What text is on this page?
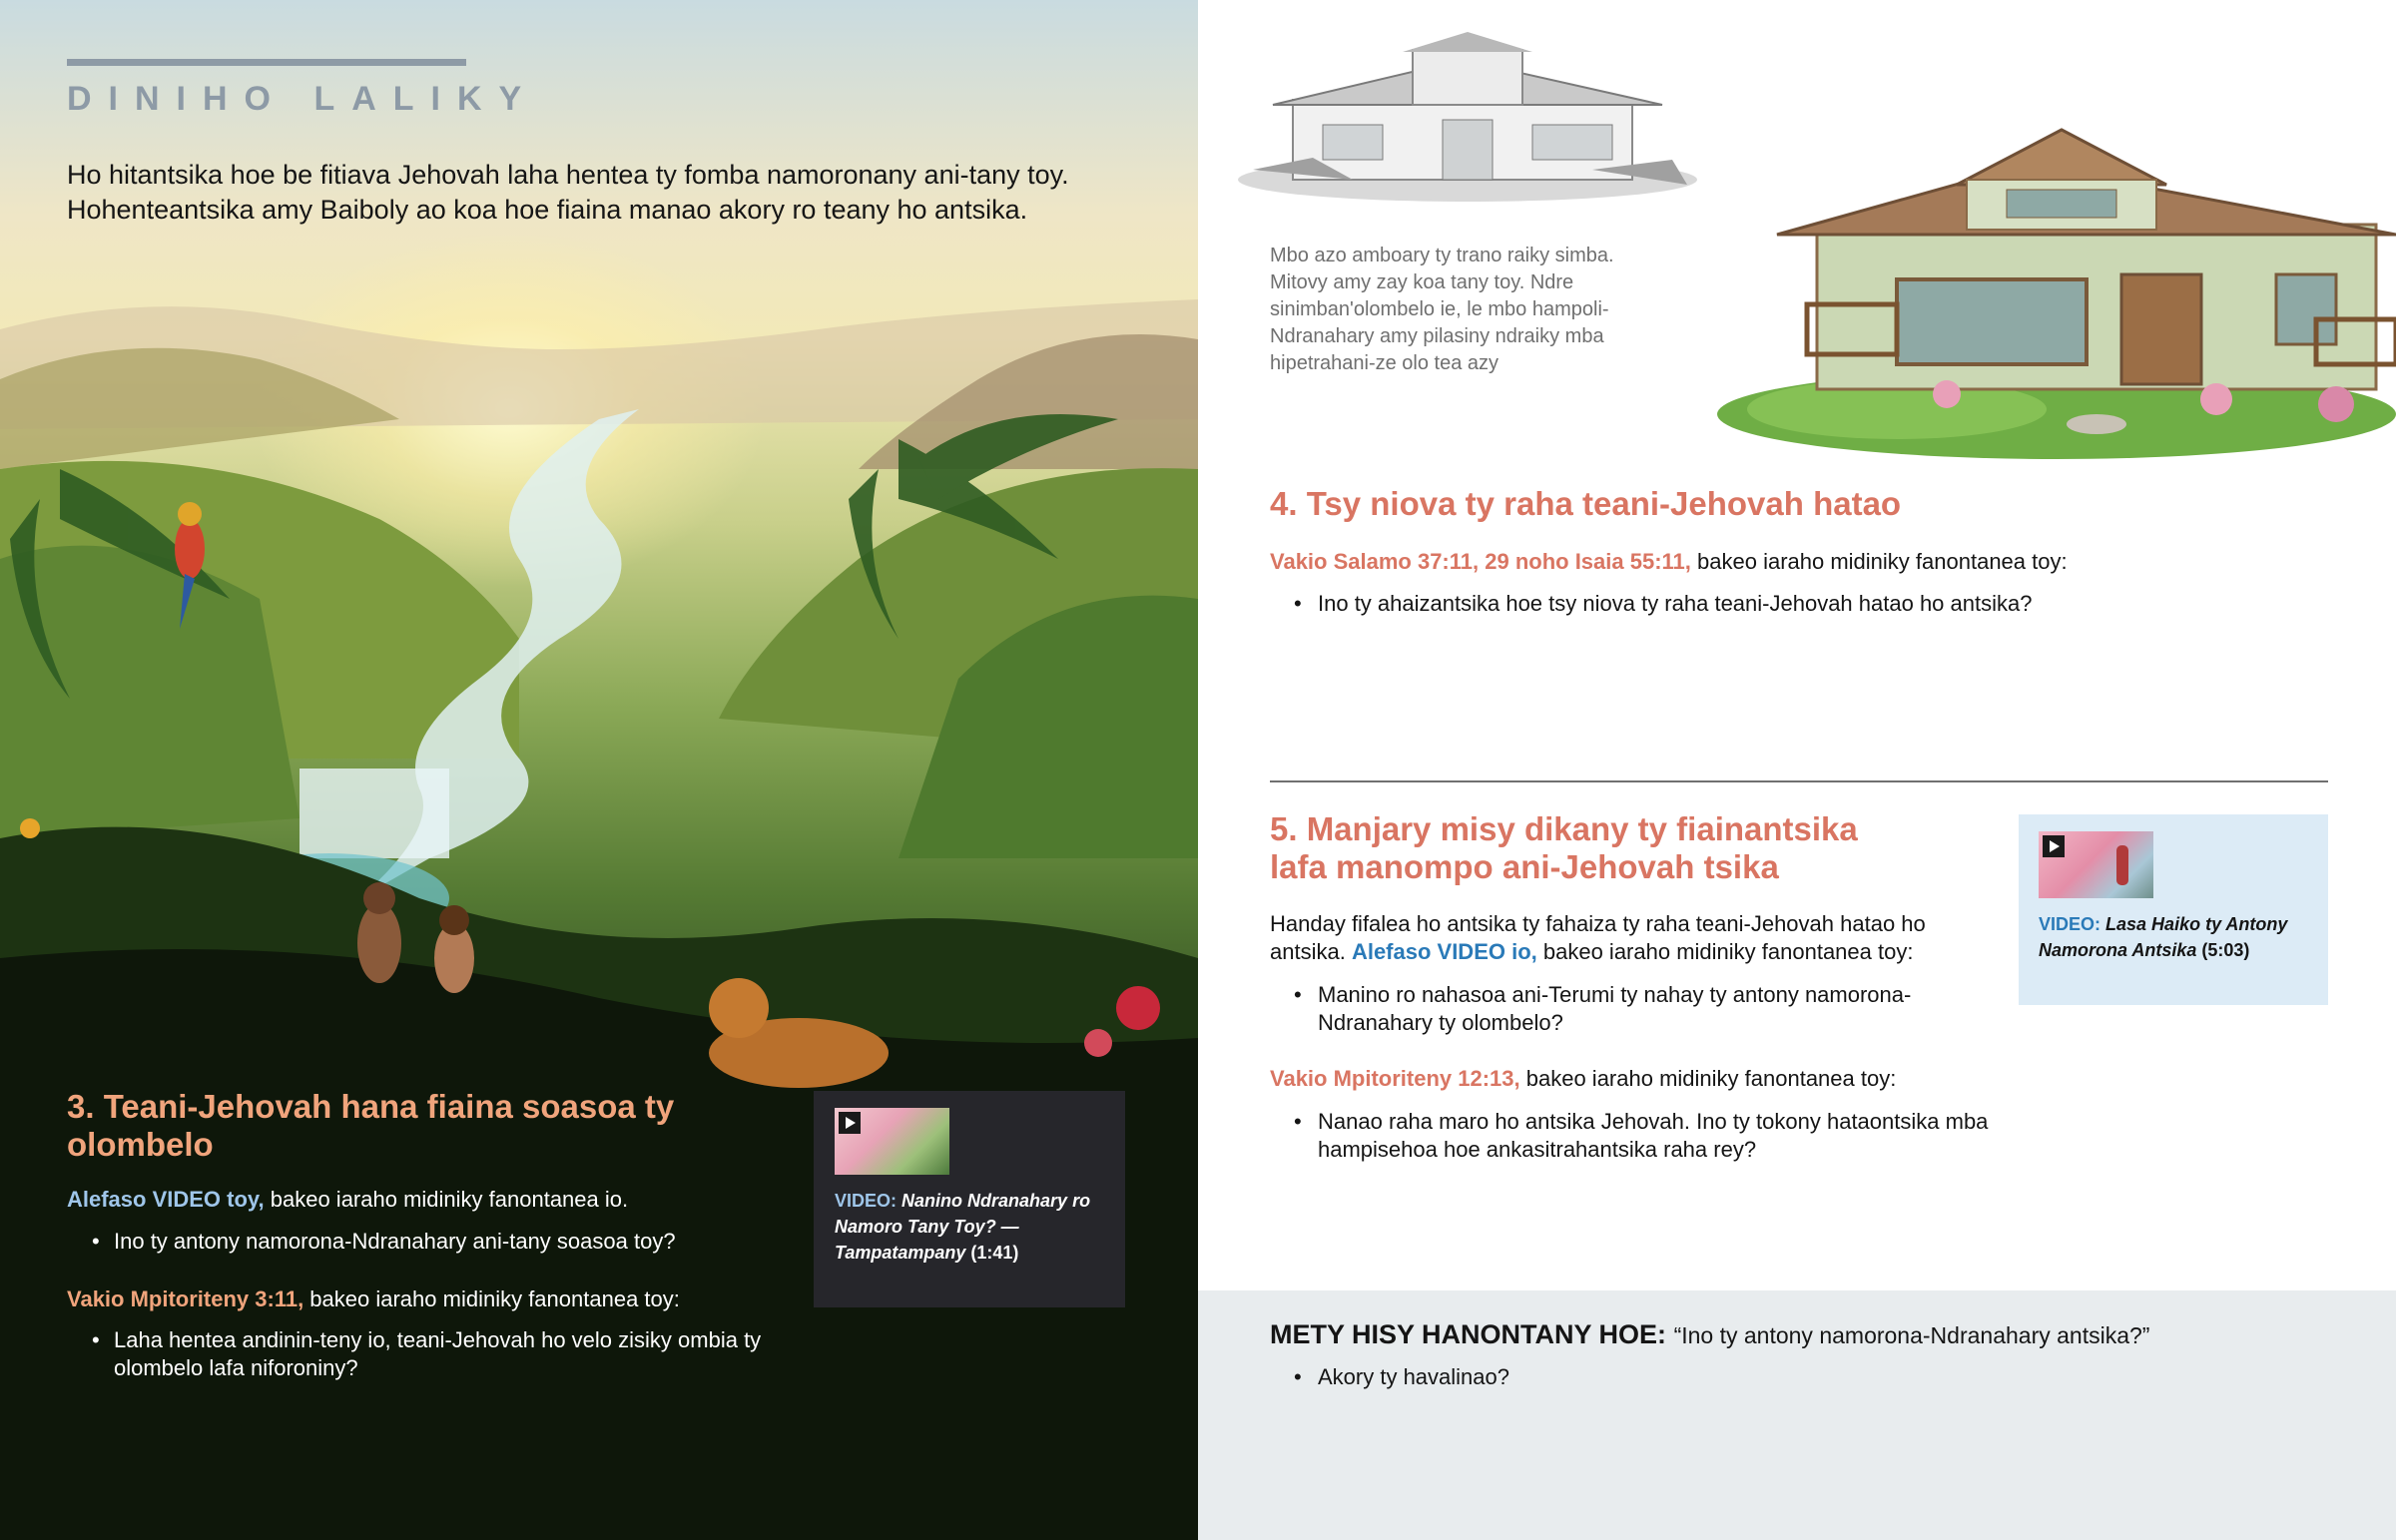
DINIHO LALIKY
Ho hitantsika hoe be fitiava Jehovah laha hentea ty fomba namoronany ani-tany toy. Hohenteantsika amy Baiboly ao koa hoe fiaina manao akory ro teany ho antsika.
3. Teani-Jehovah hana fiaina soasoa ty olombelo
Alefaso VIDEO toy, bakeo iaraho midiniky fanontanea io.
• Ino ty antony namorona-Ndranahary ani-tany soasoa toy?
Vakio Mpitoriteny 3:11, bakeo iaraho midiniky fanontanea toy:
• Laha hentea andinin-teny io, teani-Jehovah ho velo zisiky ombia ty olombelo lafa niforoniny?
VIDEO: Nanino Ndranahary ro Namoro Tany Toy? —Tampatampany (1:41)
Mbo azo amboary ty trano raiky simba. Mitovy amy zay koa tany toy. Ndre sinimban'olombelo ie, le mbo hampoli-Ndranahary amy pilasiny ndraiky mba hipetrahani-ze olo tea azy
4. Tsy niova ty raha teani-Jehovah hatao
Vakio Salamo 37:11, 29 noho Isaia 55:11, bakeo iaraho midiniky fanontanea toy:
• Ino ty ahaizantsika hoe tsy niova ty raha teani-Jehovah hatao ho antsika?
5. Manjary misy dikany ty fiainantsika lafa manompo ani-Jehovah tsika
Handay fifalea ho antsika ty fahaiza ty raha teani-Jehovah hatao ho antsika. Alefaso VIDEO io, bakeo iaraho midiniky fanontanea toy:
• Manino ro nahasoa ani-Terumi ty nahay ty antony namorona-Ndranahary ty olombelo?
Vakio Mpitoriteny 12:13, bakeo iaraho midiniky fanontanea toy:
• Nanao raha maro ho antsika Jehovah. Ino ty tokony hataontsika mba hampisehoa hoe ankasitrahantsika raha rey?
VIDEO: Lasa Haiko ty Antony Namorona Antsika (5:03)
METY HISY HANONTANY HOE: “Ino ty antony namorona-Ndranahary antsika?”
• Akory ty havalinao?
